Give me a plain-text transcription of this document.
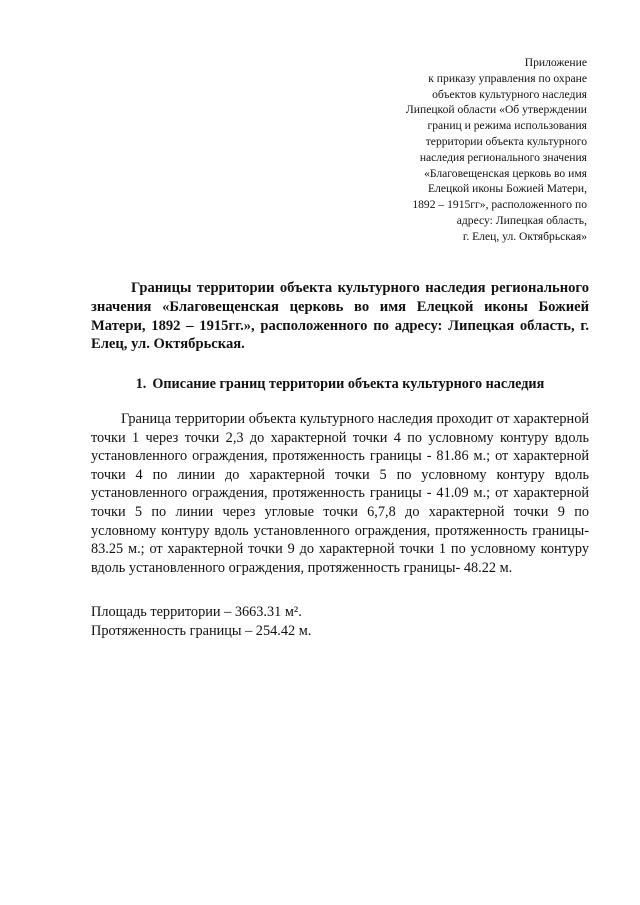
Приложение
к приказу управления по охране
объектов культурного наследия
Липецкой области «Об утверждении
границ и режима использования
территории объекта культурного
наследия регионального значения
«Благовещенская церковь во имя
Елецкой иконы Божией Матери,
1892 – 1915гг», расположенного по
адресу: Липецкая область,
г. Елец, ул. Октябрьская»

Границы территории объекта культурного наследия регионального значения «Благовещенская церковь во имя Елецкой иконы Божией Матери, 1892 – 1915гг.», расположенного по адресу: Липецкая область, г. Елец, ул. Октябрьская.

1. Описание границ территории объекта культурного наследия

Граница территории объекта культурного наследия проходит от характерной точки 1 через точки 2,3 до характерной точки 4 по условному контуру вдоль установленного ограждения, протяженность границы - 81.86 м.; от характерной точки 4 по линии до характерной точки 5 по условному контуру вдоль установленного ограждения, протяженность границы - 41.09 м.; от характерной точки 5 по линии через угловые точки 6,7,8 до характерной точки 9 по условному контуру вдоль установленного ограждения, протяженность границы- 83.25 м.; от характерной точки 9 до характерной точки 1 по условному контуру вдоль установленного ограждения, протяженность границы- 48.22 м.

Площадь территории – 3663.31 м².
Протяженность границы – 254.42 м.
